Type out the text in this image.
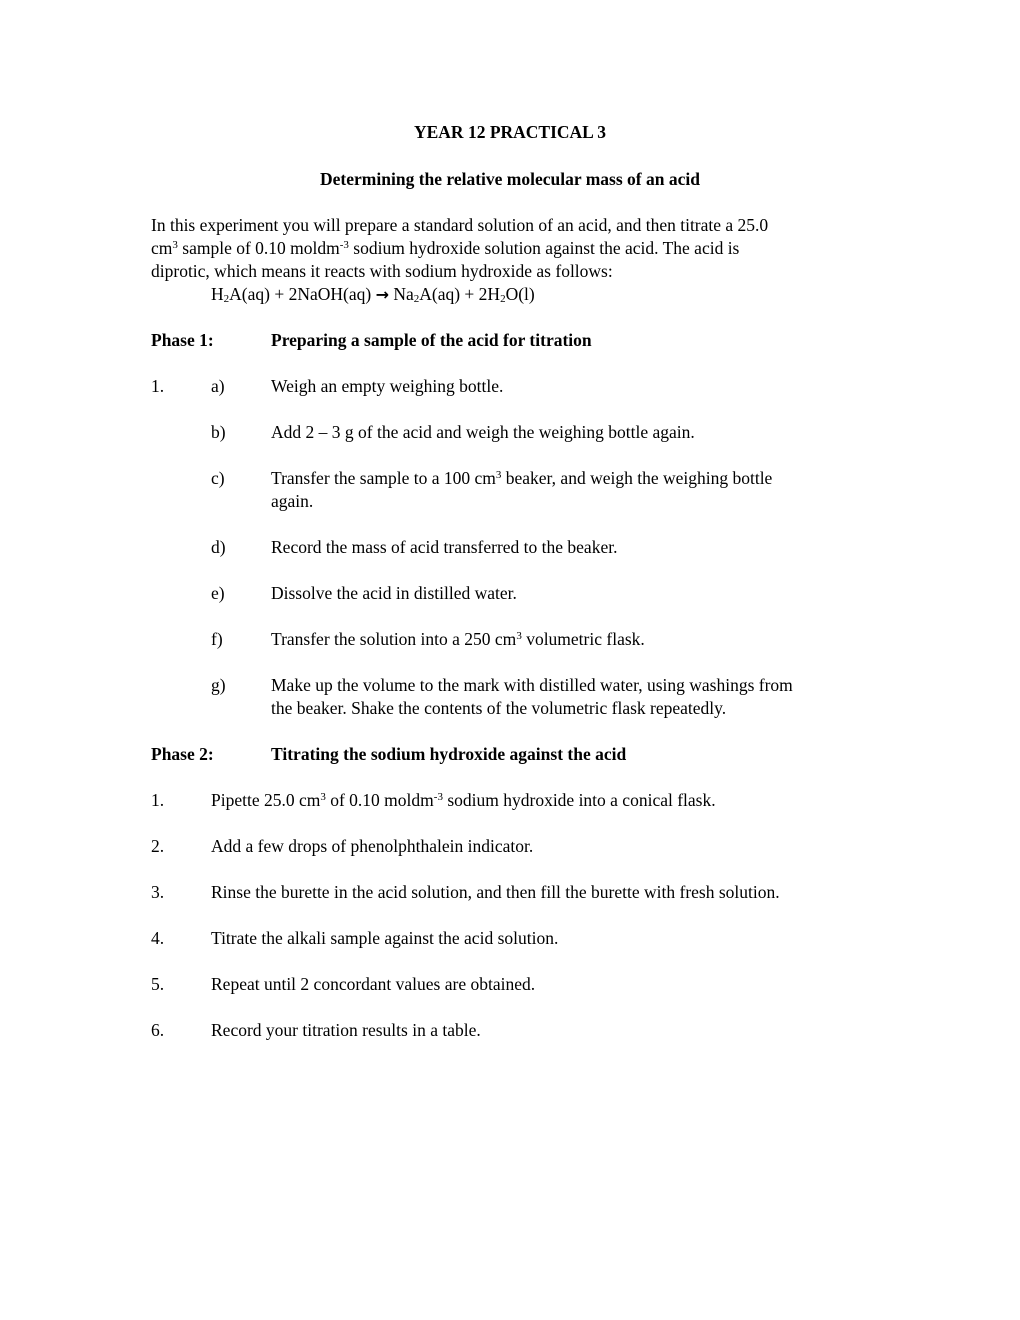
YEAR 12 PRACTICAL 3
Determining the relative molecular mass of an acid
In this experiment you will prepare a standard solution of an acid, and then titrate a 25.0
$cm^3$ sample of 0.10 moldm$^{-3}$ sodium hydroxide solution against the acid. The acid is
diprotic, which means it reacts with sodium hydroxide as follows:
$H_2A(aq)$ + 2NaOH(aq) → $Na_2A(aq) + 2H_2O(l)$
Phase 1:	Preparing a sample of the acid for titration
1.	a)	Weigh an empty weighing bottle.
b)	Add 2 – 3 g of the acid and weigh the weighing bottle again.
c)	Transfer the sample to a 100 $cm^3$ beaker, and weigh the weighing bottle
again.
d)	Record the mass of acid transferred to the beaker.
e)	Dissolve the acid in distilled water.
f)	Transfer the solution into a 250 $cm^3$ volumetric flask.
g)	Make up the volume to the mark with distilled water, using washings from
the beaker. Shake the contents of the volumetric flask repeatedly.
Phase 2:	Titrating the sodium hydroxide against the acid
1.	Pipette 25.0 $cm^3$ of 0.10 moldm$^{-3}$ sodium hydroxide into a conical flask.
2.	Add a few drops of phenolphthalein indicator.
3.	Rinse the burette in the acid solution, and then fill the burette with fresh solution.
4.	Titrate the alkali sample against the acid solution.
5.	Repeat until 2 concordant values are obtained.
6.	Record your titration results in a table.
